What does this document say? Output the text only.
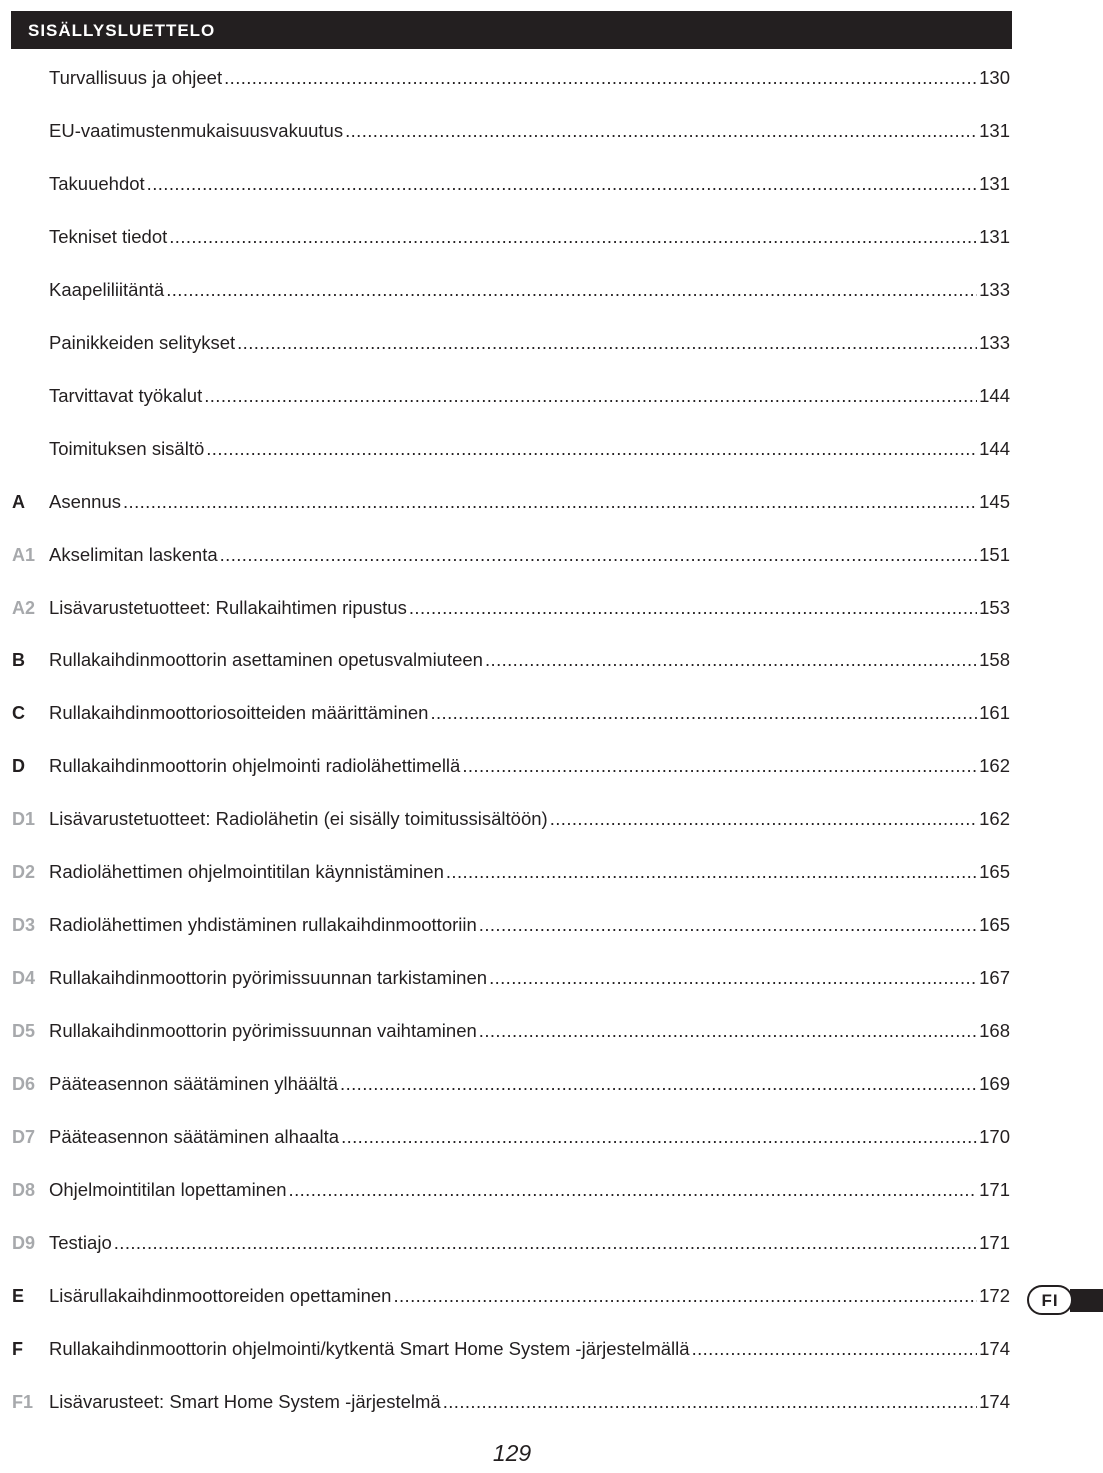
SISÄLLYSLUETTELO
Turvallisuus ja ohjeet .....	130
EU-vaatimustenmukaisuusvakuutus .....	131
Takuuehdot .....	131
Tekniset tiedot .....	131
Kaapeliliitäntä .....	133
Painikkeiden selitykset .....	133
Tarvittavat työkalut .....	144
Toimituksen sisältö .....	144
A Asennus .....	145
A1 Akselimitan laskenta .....	151
A2 Lisävarustetuotteet: Rullakaihtimen ripustus .....	153
B Rullakaihdinmoottorin asettaminen opetusvalmiuteen .....	158
C Rullakaihdinmoottoriosoitteiden määrittäminen .....	161
D Rullakaihdinmoottorin ohjelmointi radiolähettimellä .....	162
D1 Lisävarustetuotteet: Radiolähetin (ei sisälly toimitussisältöön) .....	162
D2 Radiolähettimen ohjelmointitilan käynnistäminen .....	165
D3 Radiolähettimen yhdistäminen rullakaihdinmoottoriin .....	165
D4 Rullakaihdinmoottorin pyörimissuunnan tarkistaminen .....	167
D5 Rullakaihdinmoottorin pyörimissuunnan vaihtaminen .....	168
D6 Pääteasennon säätäminen ylhäältä .....	169
D7 Pääteasennon säätäminen alhaalta .....	170
D8 Ohjelmointitilan lopettaminen .....	171
D9 Testiajo .....	171
E Lisärullakaihdinmoottoreiden opettaminen .....	172
F Rullakaihdinmoottorin ohjelmointi/kytkentä Smart Home System -järjestelmällä .....	174
F1 Lisävarusteet: Smart Home System -järjestelmä .....	174
FI
129
